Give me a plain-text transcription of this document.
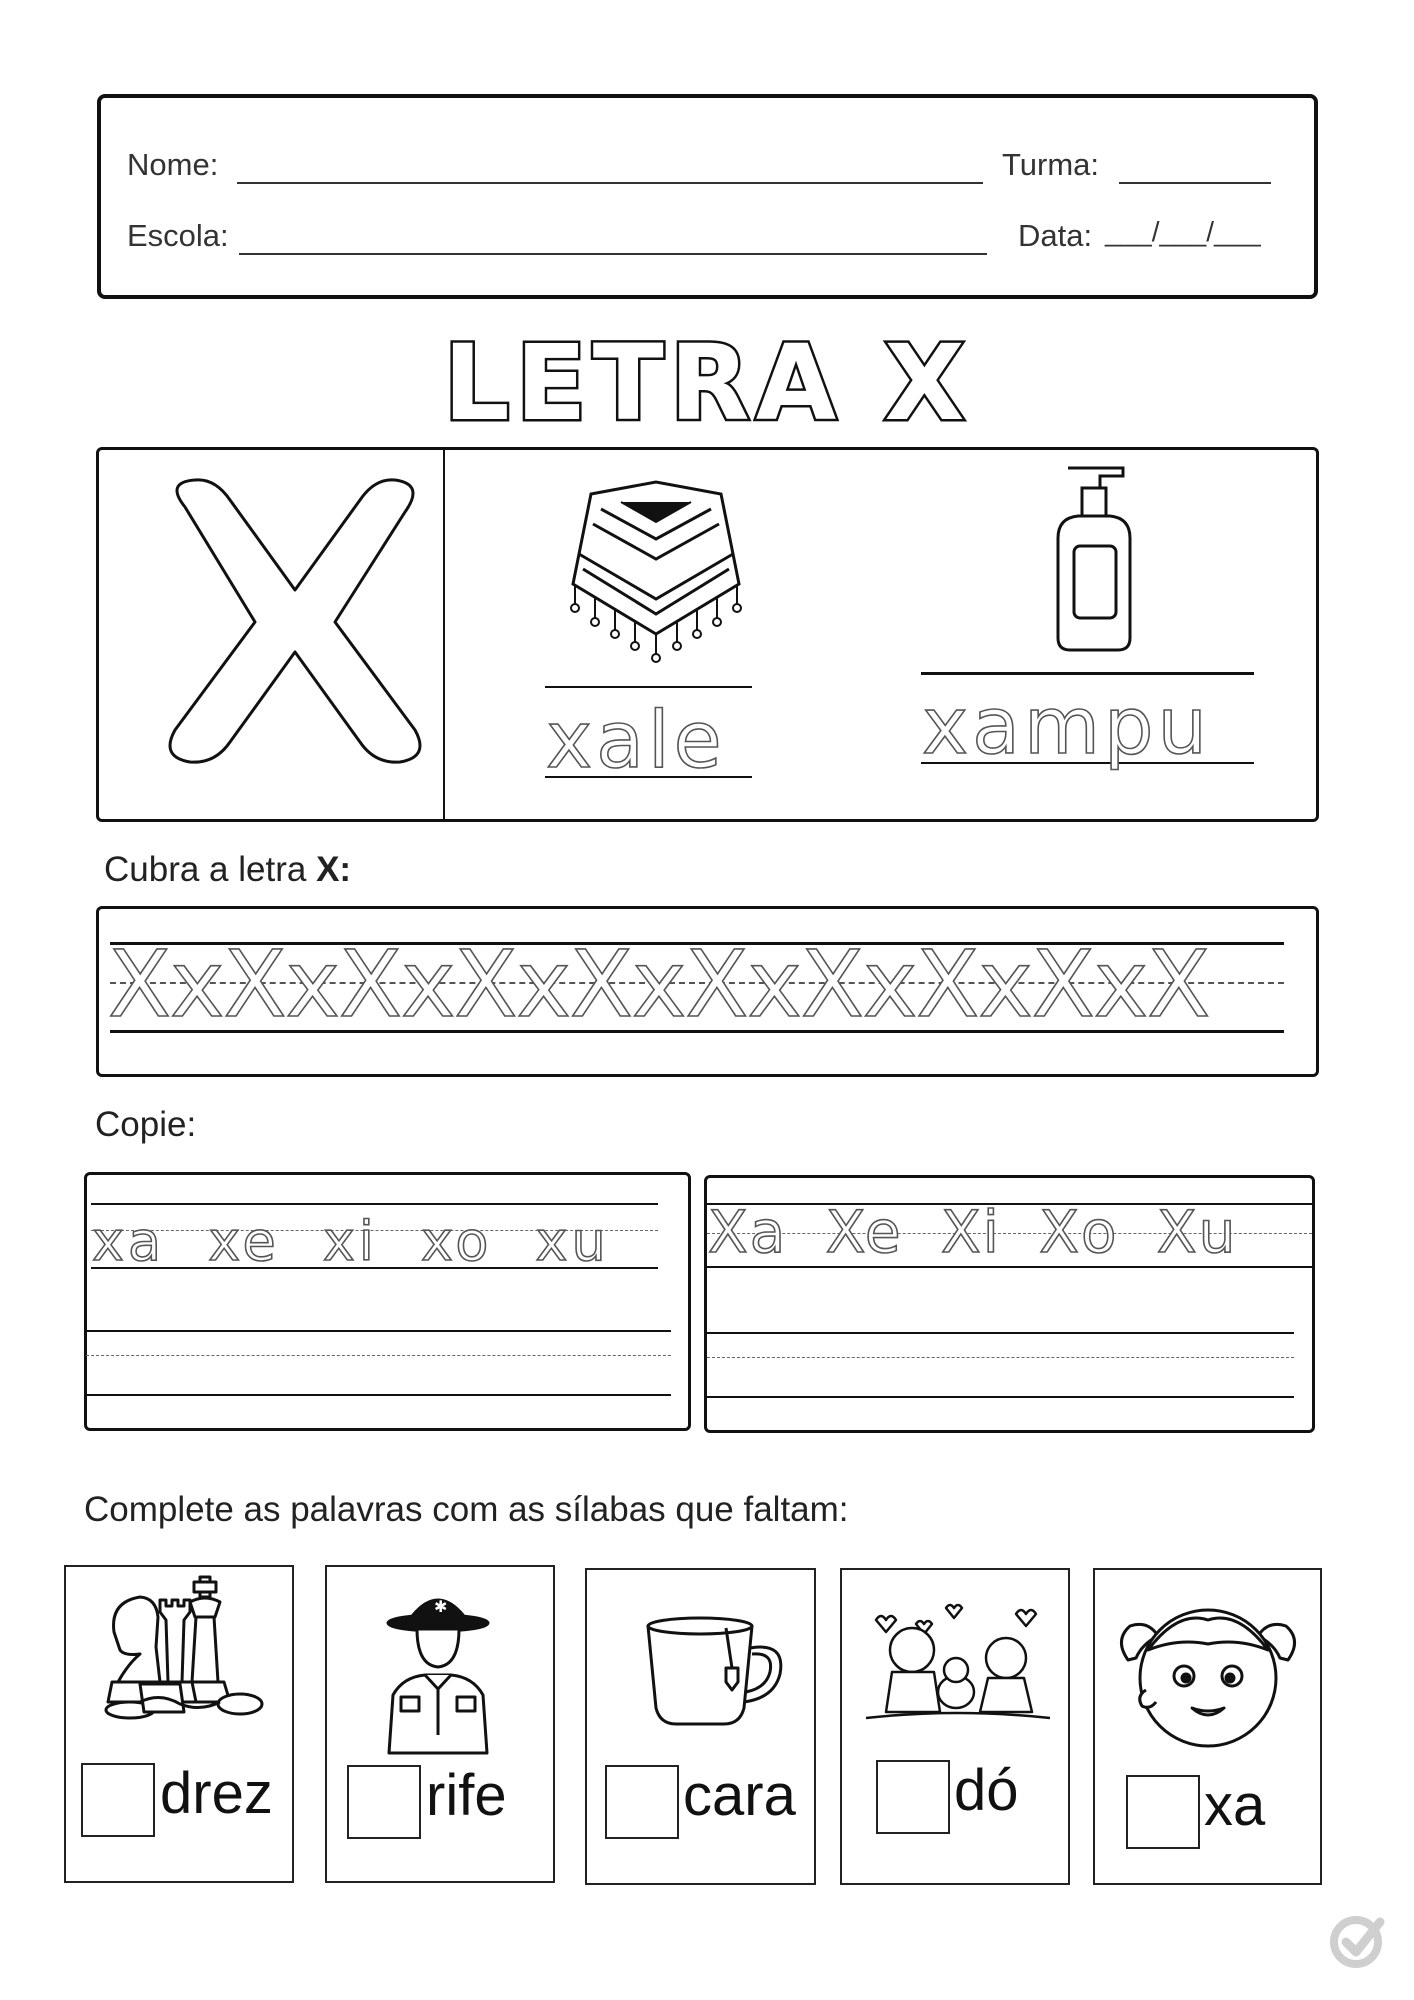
Nome:	Turma:
Escola:	Data: ___/___/___
LETRA X
xale	xampu
Cubra a letra X:
XxXxXxXxXxXxXxXxXxX
Copie:
xa xe xi xo xu Xa Xe Xi Xo Xu
Complete as palavras com as sílabas que faltam:
drez
✱
rife	cara	dó	xa
